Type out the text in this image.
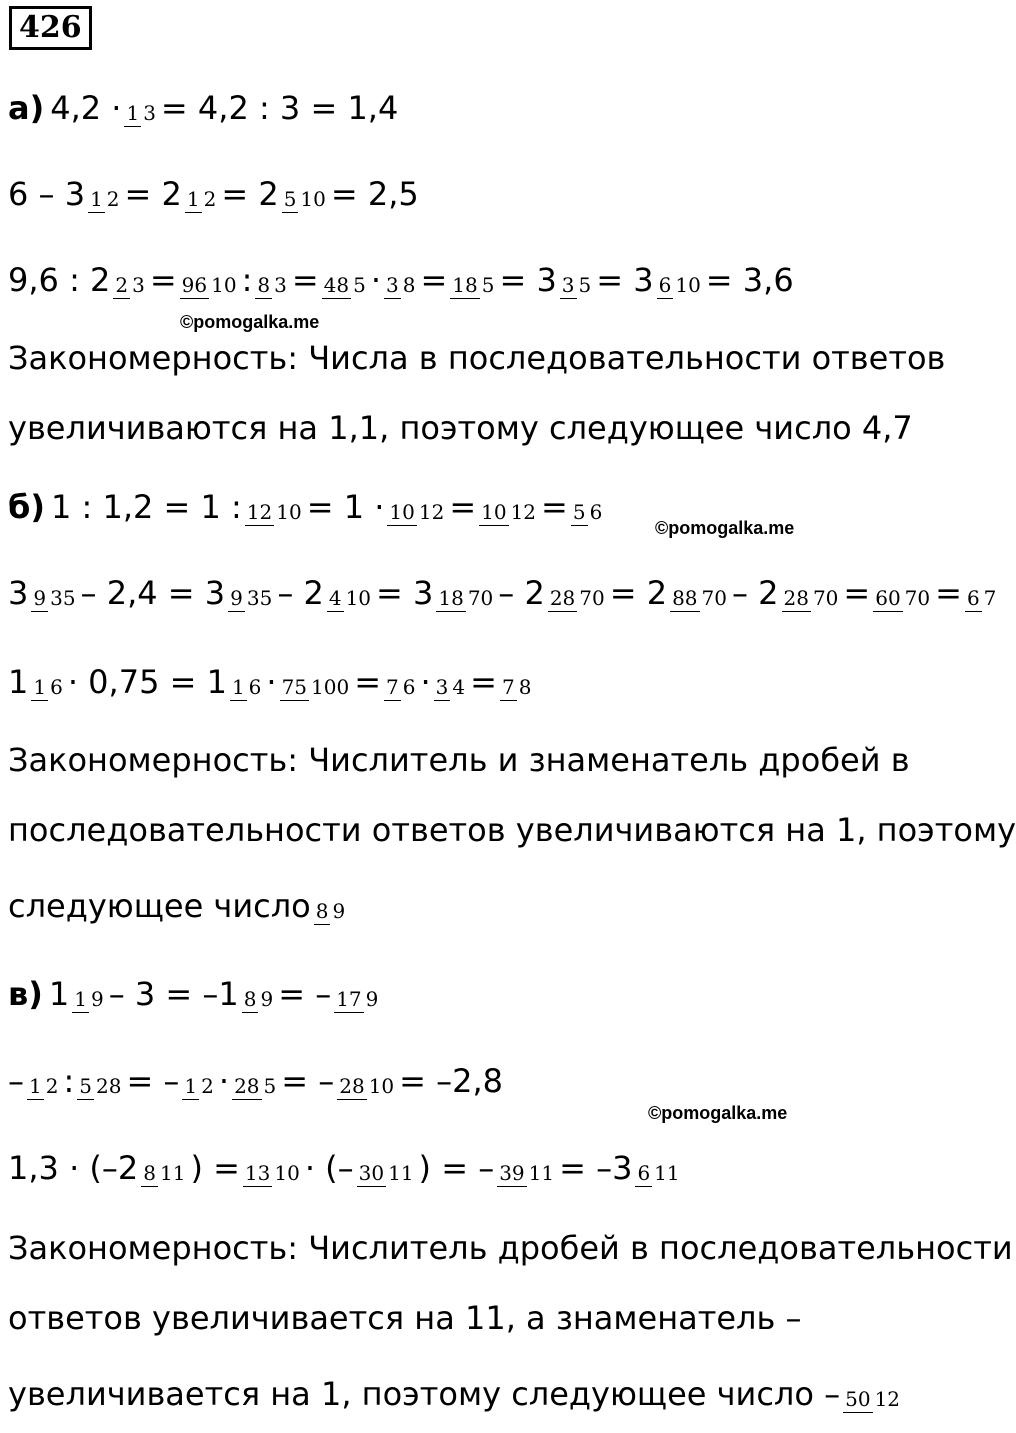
426
а) 4,2 · 1 3 = 4,2 : 3 = 1,4
6 – 3 1 2 = 2 1 2 = 2 5 10 = 2,5
9,6 : 2 2 3 = 96 10 : 8 3 = 48 5 · 3 8 = 18 5 = 3 3 5 = 3 6 10 = 3,6
©pomogalka.me
Закономерность: Числа в последовательности ответов
увеличиваются на 1,1, поэтому следующее число 4,7
б) 1 : 1,2 = 1 : 12 10 = 1 · 10 12 = 10 12 = 5 6
©pomogalka.me
3 9 35 – 2,4 = 3 9 35 – 2 4 10 = 3 18 70 – 2 28 70 = 2 88 70 – 2 28 70 = 60 70 = 6 7
1 1 6 · 0,75 = 1 1 6 · 75 100 = 7 6 · 3 4 = 7 8
Закономерность: Числитель и знаменатель дробей в
последовательности ответов увеличиваются на 1, поэтому
следующее число 8 9
в) 1 1 9 – 3 = –1 8 9 = – 17 9
– 1 2 : 5 28 = – 1 2 · 28 5 = – 28 10 = –2,8
©pomogalka.me
1,3 · (–2 8 11 ) = 13 10 · (– 30 11 ) = – 39 11 = –3 6 11
Закономерность: Числитель дробей в последовательности
ответов увеличивается на 11, а знаменатель –
увеличивается на 1, поэтому следующее число – 50 12
